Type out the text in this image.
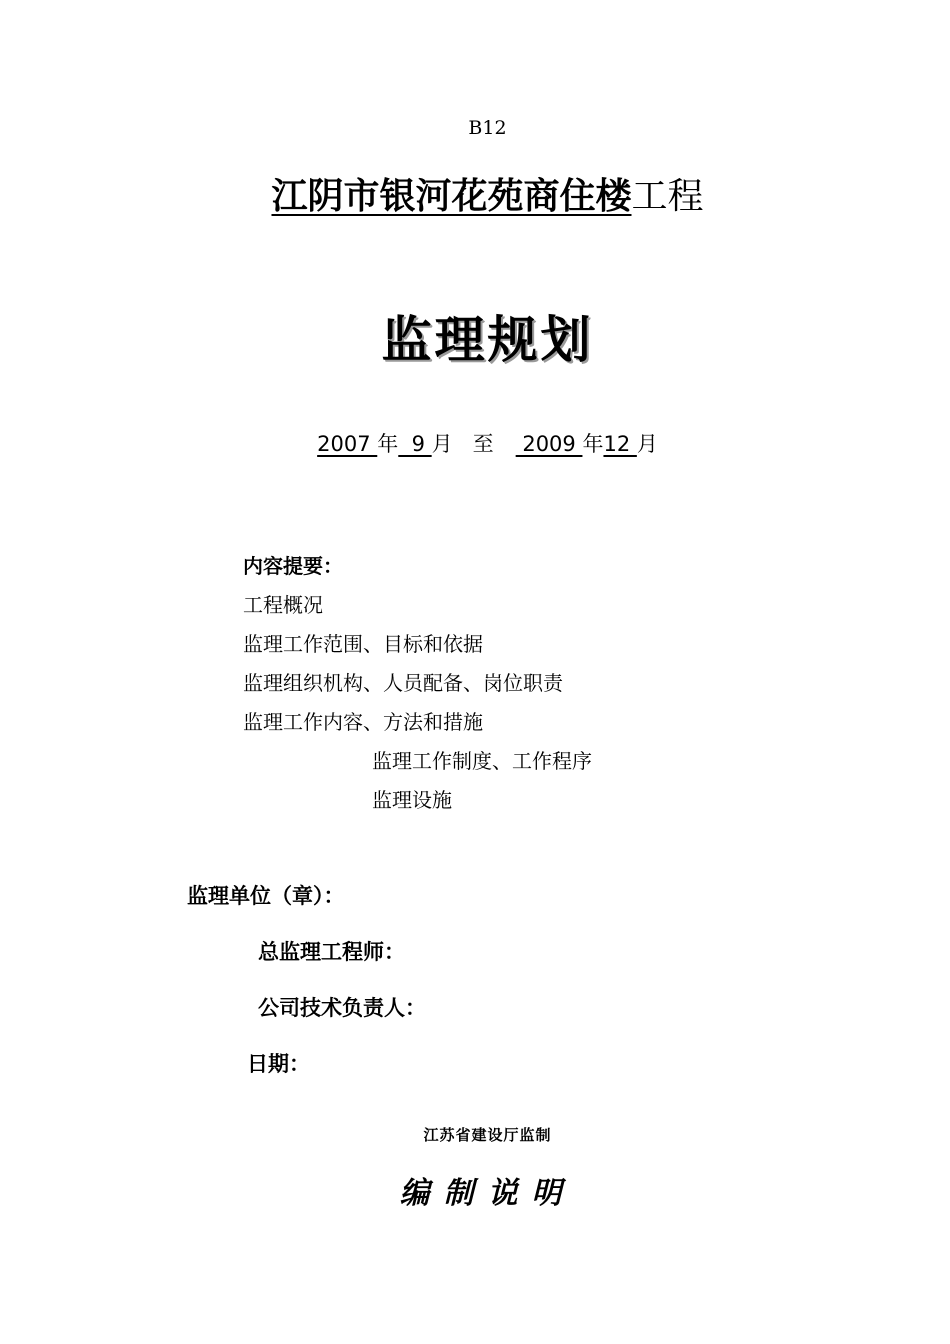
B12
江阴市银河花苑商住楼工程
监理规划
2007 年  9 月 至 2009 年12 月
内容提要：
工程概况
监理工作范围、目标和依据
监理组织机构、人员配备、岗位职责
监理工作内容、方法和措施
监理工作制度、工作程序
监理设施
监理单位（章）：
总监理工程师：
公司技术负责人：
日期：
江苏省建设厅监制
编制说明
